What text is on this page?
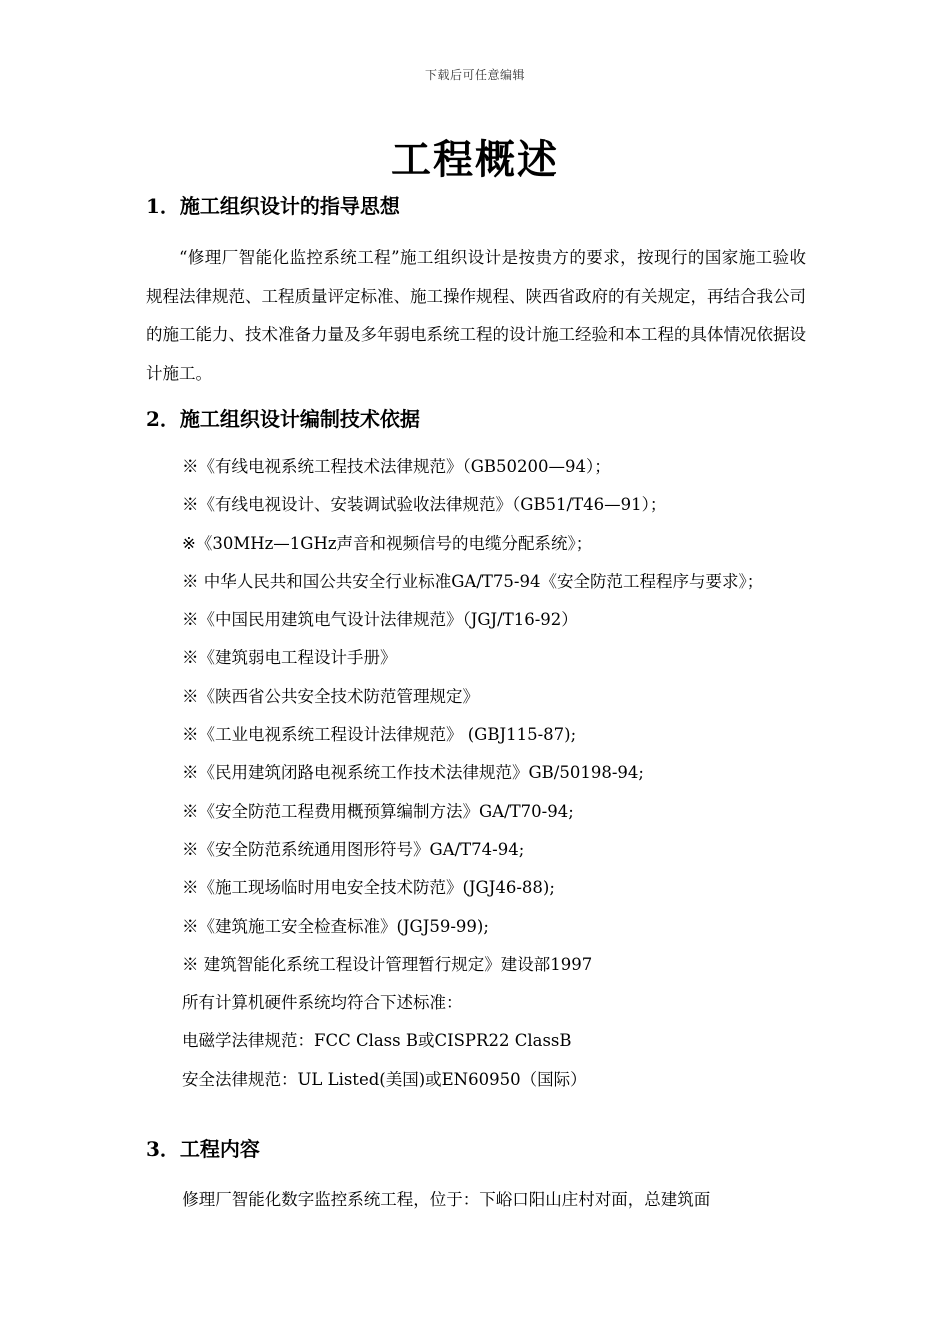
下载后可任意编辑
工程概述
1．施工组织设计的指导思想
“修理厂智能化监控系统工程”施工组织设计是按贵方的要求，按现行的国家施工验收规程法律规范、工程质量评定标准、施工操作规程、陕西省政府的有关规定，再结合我公司的施工能力、技术准备力量及多年弱电系统工程的设计施工经验和本工程的具体情况依据设计施工。
2．施工组织设计编制技术依据
※《有线电视系统工程技术法律规范》（GB50200—94）；
※《有线电视设计、安装调试验收法律规范》（GB51/T46—91）；
※《30MHz—1GHz声音和视频信号的电缆分配系统》；
※ 中华人民共和国公共安全行业标准GA/T75-94《安全防范工程程序与要求》；
※《中国民用建筑电气设计法律规范》（JGJ/T16-92）
※《建筑弱电工程设计手册》
※《陕西省公共安全技术防范管理规定》
※《工业电视系统工程设计法律规范》 (GBJ115-87);
※《民用建筑闭路电视系统工作技术法律规范》GB/50198-94;
※《安全防范工程费用概预算编制方法》GA/T70-94;
※《安全防范系统通用图形符号》GA/T74-94;
※《施工现场临时用电安全技术防范》(JGJ46-88);
※《建筑施工安全检查标准》(JGJ59-99);
※ 建筑智能化系统工程设计管理暂行规定》建设部1997
所有计算机硬件系统均符合下述标准：
电磁学法律规范：FCC Class B或CISPR22 ClassB
安全法律规范：UL Listed(美国)或EN60950（国际）
3．工程内容
修理厂智能化数字监控系统工程，位于：下峪口阳山庄村对面，总建筑面
